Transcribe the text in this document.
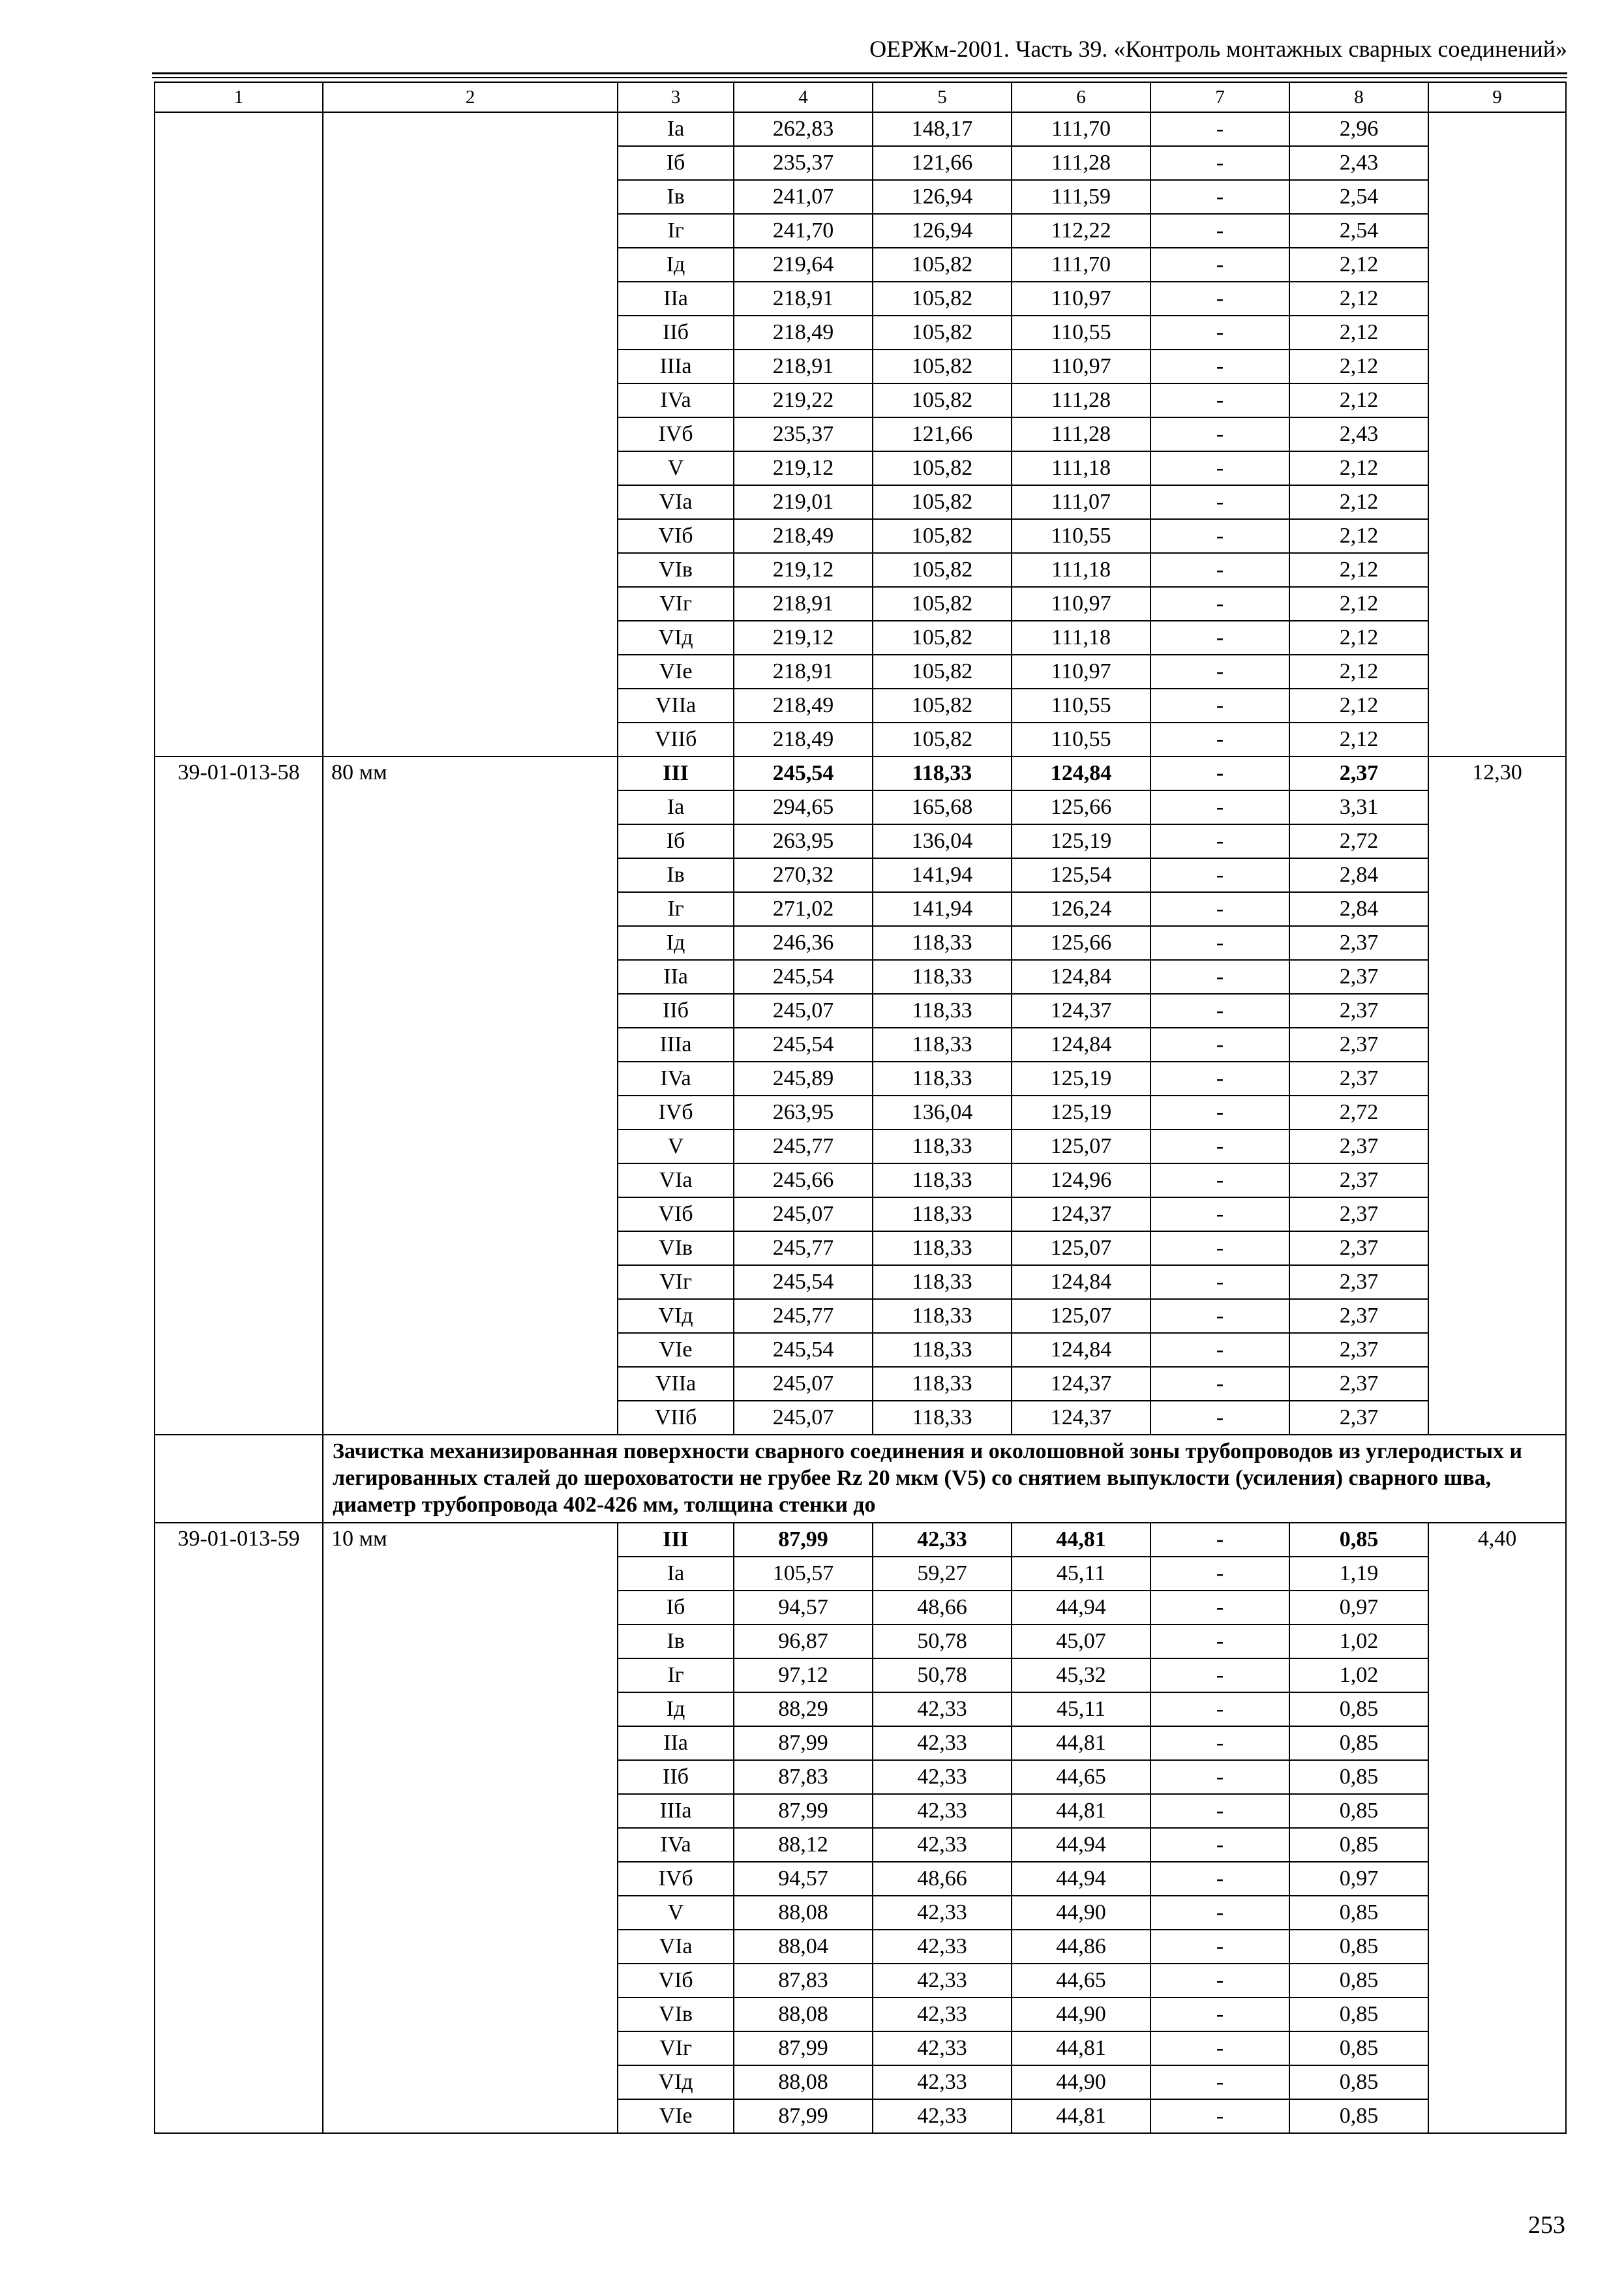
ОЕРЖм-2001. Часть 39. «Контроль монтажных сварных соединений»
1	2	3	4	5	6	7	8	9
		Ia	262,83	148,17	111,70	-	2,96	
		Iб	235,37	121,66	111,28	-	2,43	
		Iв	241,07	126,94	111,59	-	2,54	
		Iг	241,70	126,94	112,22	-	2,54	
		Iд	219,64	105,82	111,70	-	2,12	
		IIa	218,91	105,82	110,97	-	2,12	
		IIб	218,49	105,82	110,55	-	2,12	
		IIIa	218,91	105,82	110,97	-	2,12	
		IVa	219,22	105,82	111,28	-	2,12	
		IVб	235,37	121,66	111,28	-	2,43	
		V	219,12	105,82	111,18	-	2,12	
		VIa	219,01	105,82	111,07	-	2,12	
		VIб	218,49	105,82	110,55	-	2,12	
		VIв	219,12	105,82	111,18	-	2,12	
		VIг	218,91	105,82	110,97	-	2,12	
		VIд	219,12	105,82	111,18	-	2,12	
		VIe	218,91	105,82	110,97	-	2,12	
		VIIa	218,49	105,82	110,55	-	2,12	
		VIIб	218,49	105,82	110,55	-	2,12	
39-01-013-58	80 мм	III	245,54	118,33	124,84	-	2,37	12,30
		Ia	294,65	165,68	125,66	-	3,31	
		Iб	263,95	136,04	125,19	-	2,72	
		Iв	270,32	141,94	125,54	-	2,84	
		Iг	271,02	141,94	126,24	-	2,84	
		Iд	246,36	118,33	125,66	-	2,37	
		IIa	245,54	118,33	124,84	-	2,37	
		IIб	245,07	118,33	124,37	-	2,37	
		IIIa	245,54	118,33	124,84	-	2,37	
		IVa	245,89	118,33	125,19	-	2,37	
		IVб	263,95	136,04	125,19	-	2,72	
		V	245,77	118,33	125,07	-	2,37	
		VIa	245,66	118,33	124,96	-	2,37	
		VIб	245,07	118,33	124,37	-	2,37	
		VIв	245,77	118,33	125,07	-	2,37	
		VIг	245,54	118,33	124,84	-	2,37	
		VIд	245,77	118,33	125,07	-	2,37	
		VIe	245,54	118,33	124,84	-	2,37	
		VIIa	245,07	118,33	124,37	-	2,37	
		VIIб	245,07	118,33	124,37	-	2,37	
	Зачистка механизированная поверхности сварного соединения и околошовной зоны трубопроводов из углеродистых и легированных сталей до шероховатости не грубее Rz 20 мкм (V5) со снятием выпуклости (усиления) сварного шва, диаметр трубопровода 402-426 мм, толщина стенки до							
39-01-013-59	10 мм	III	87,99	42,33	44,81	-	0,85	4,40
		Ia	105,57	59,27	45,11	-	1,19	
		Iб	94,57	48,66	44,94	-	0,97	
		Iв	96,87	50,78	45,07	-	1,02	
		Iг	97,12	50,78	45,32	-	1,02	
		Iд	88,29	42,33	45,11	-	0,85	
		IIa	87,99	42,33	44,81	-	0,85	
		IIб	87,83	42,33	44,65	-	0,85	
		IIIa	87,99	42,33	44,81	-	0,85	
		IVa	88,12	42,33	44,94	-	0,85	
		IVб	94,57	48,66	44,94	-	0,97	
		V	88,08	42,33	44,90	-	0,85	
		VIa	88,04	42,33	44,86	-	0,85	
		VIб	87,83	42,33	44,65	-	0,85	
		VIв	88,08	42,33	44,90	-	0,85	
		VIг	87,99	42,33	44,81	-	0,85	
		VIд	88,08	42,33	44,90	-	0,85	
		VIe	87,99	42,33	44,81	-	0,85	
253
